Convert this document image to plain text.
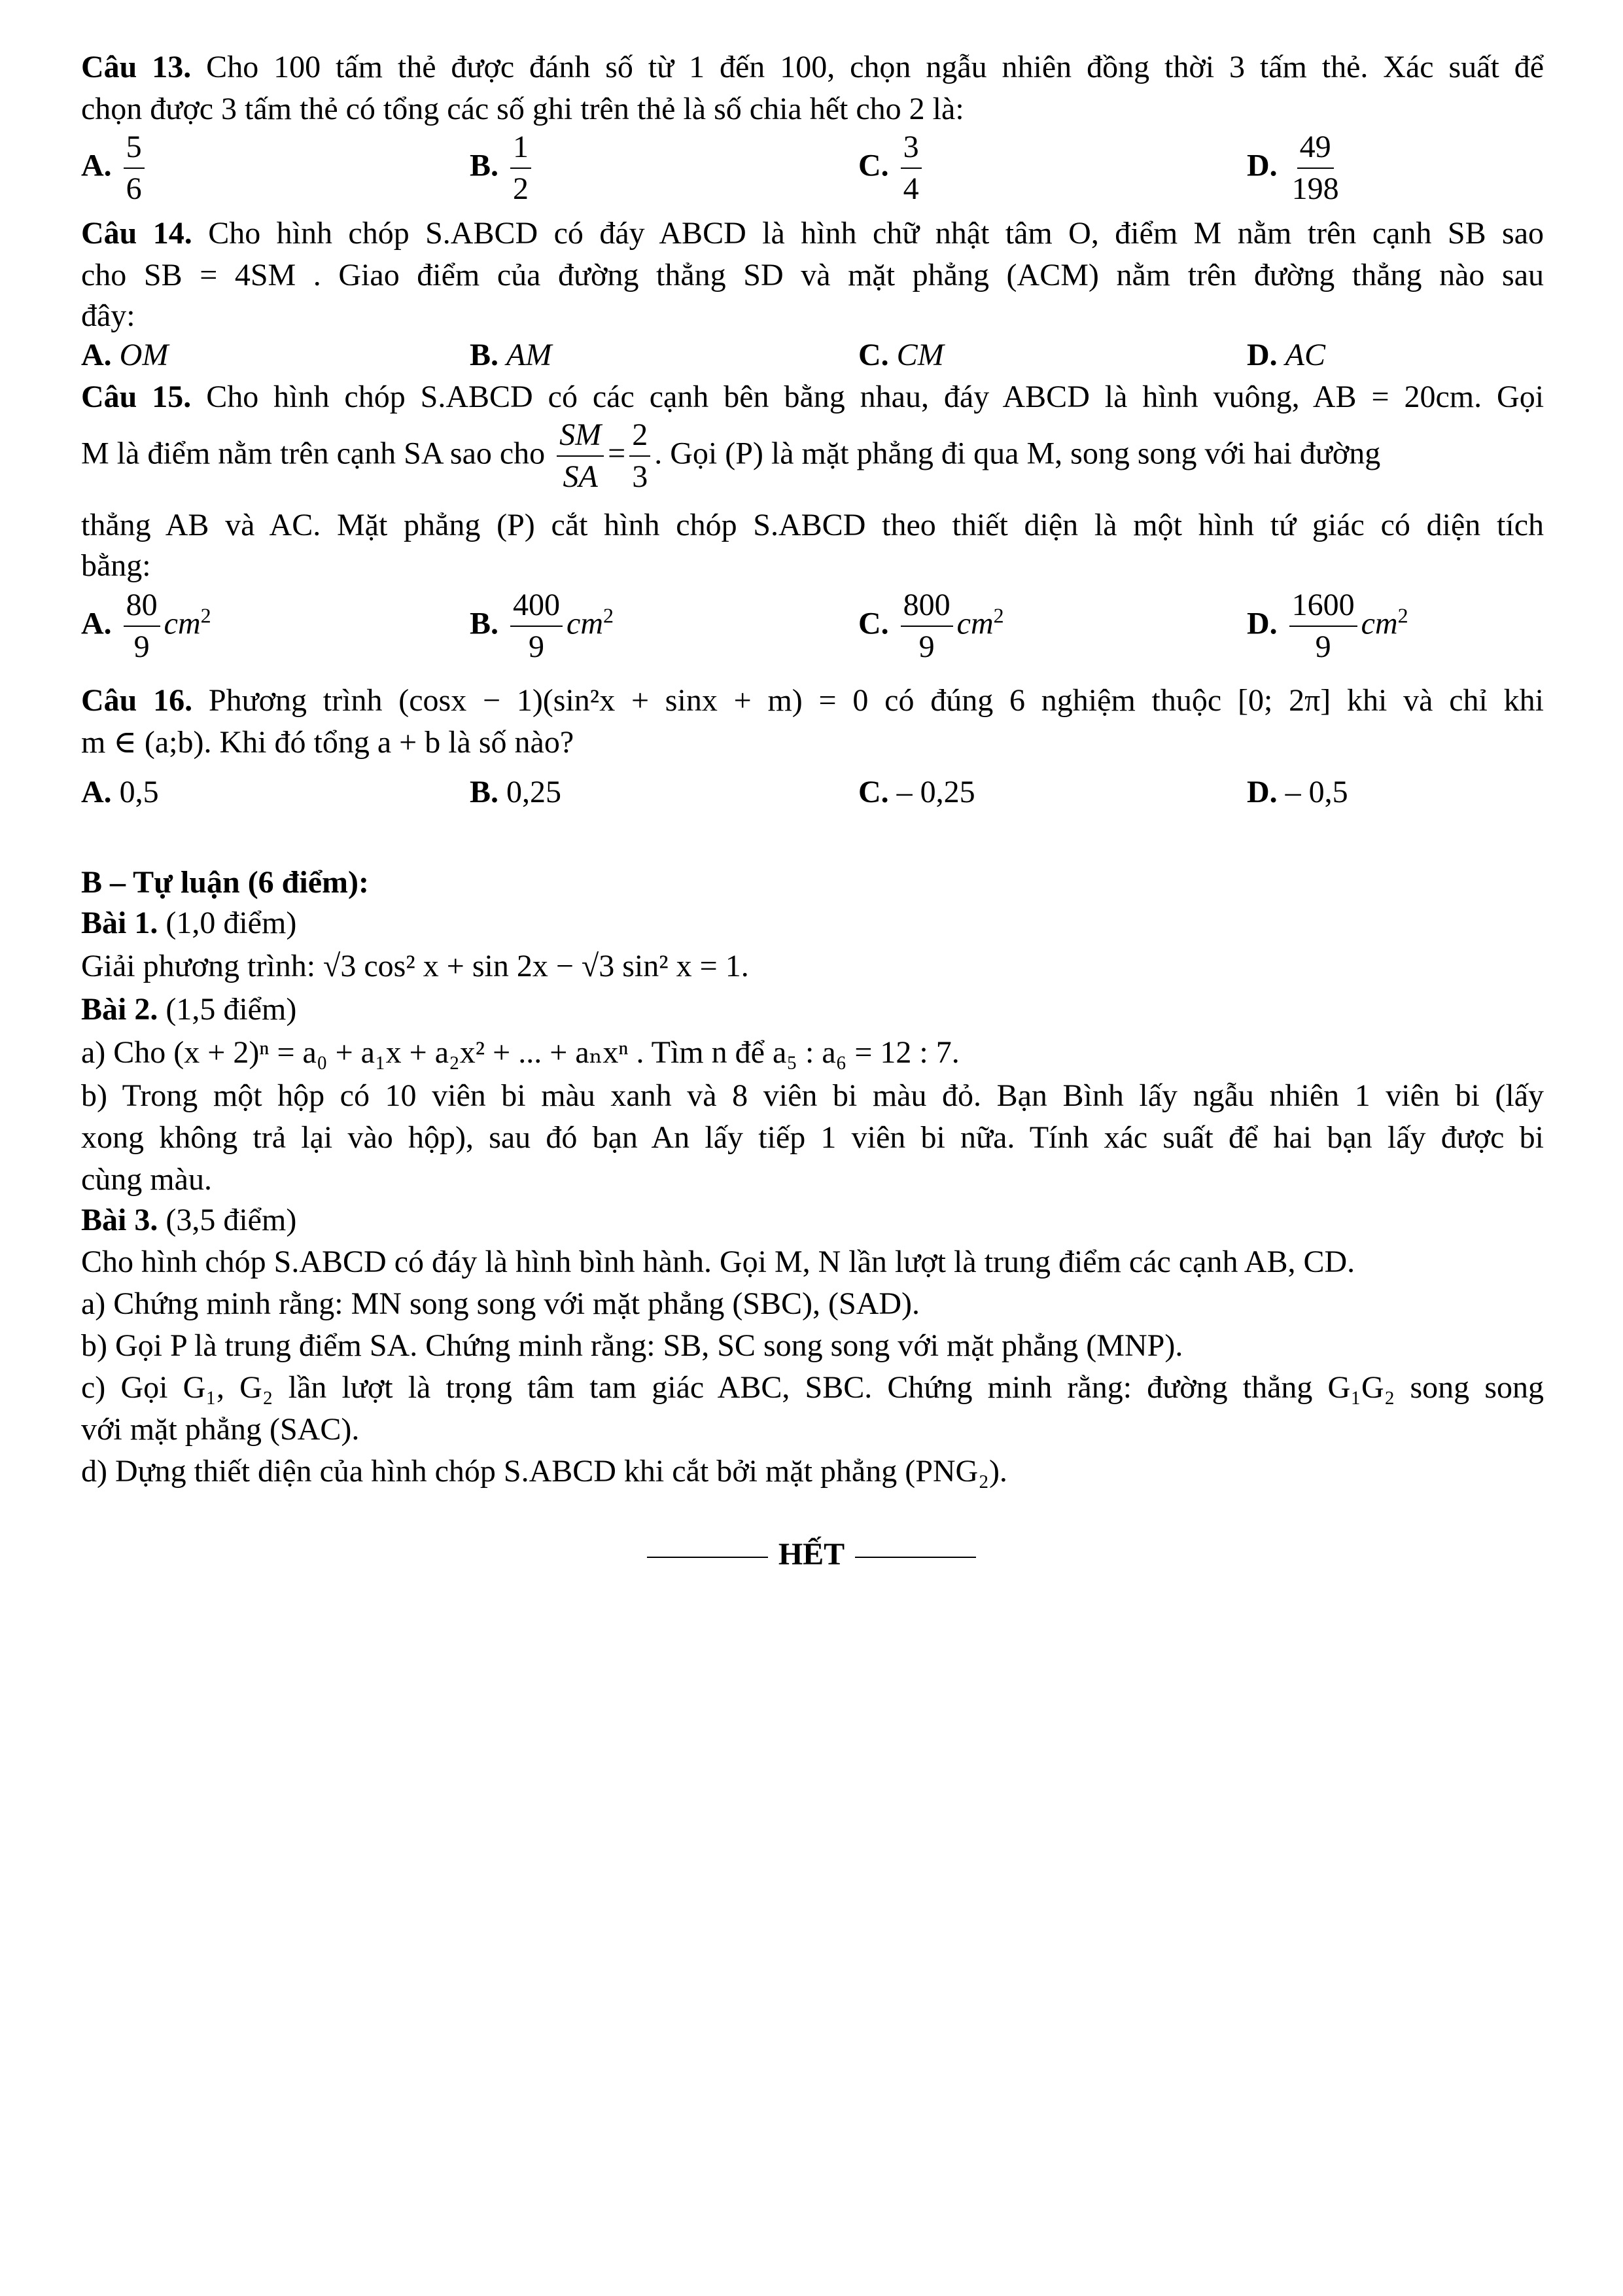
Câu 13. Cho 100 tấm thẻ được đánh số từ 1 đến 100, chọn ngẫu nhiên đồng thời 3 tấm thẻ. Xác suất để
chọn được 3 tấm thẻ có tổng các số ghi trên thẻ là số chia hết cho 2 là:
A. $\frac{5}{6}$	B. $\frac{1}{2}$	C. $\frac{3}{4}$	D. $\frac{49}{198}$
Câu 14. Cho hình chóp S.ABCD có đáy ABCD là hình chữ nhật tâm O, điểm M nằm trên cạnh SB sao
cho SB = 4SM . Giao điểm của đường thẳng SD và mặt phẳng (ACM) nằm trên đường thẳng nào sau
đây:
A. OM	B. AM	C. CM	D. AC
Câu 15. Cho hình chóp S.ABCD có các cạnh bên bằng nhau, đáy ABCD là hình vuông, AB = 20cm. Gọi
M là điểm nằm trên cạnh SA sao cho $\frac{SM}{SA} = \frac{2}{3}$ . Gọi (P) là mặt phẳng đi qua M, song song với hai đường
thẳng AB và AC. Mặt phẳng (P) cắt hình chóp S.ABCD theo thiết diện là một hình tứ giác có diện tích
bằng:
A. $\frac{80}{9} cm^2$	B. $\frac{400}{9} cm^2$	C. $\frac{800}{9} cm^2$	D. $\frac{1600}{9} cm^2$
Câu 16. Phương trình (cosx − 1)(sin²x + sinx + m) = 0 có đúng 6 nghiệm thuộc [0; 2π] khi và chỉ khi
m ∈ (a;b). Khi đó tổng a + b là số nào?
A. 0,5	B. 0,25	C. – 0,25	D. – 0,5
B – Tự luận (6 điểm):
Bài 1. (1,0 điểm)
Giải phương trình: √3 cos² x + sin 2x − √3 sin² x = 1.
Bài 2. (1,5 điểm)
a) Cho (x + 2)ⁿ = a₀ + a₁x + a₂x² + ... + aₙxⁿ . Tìm n để a₅ : a₆ = 12 : 7.
b) Trong một hộp có 10 viên bi màu xanh và 8 viên bi màu đỏ. Bạn Bình lấy ngẫu nhiên 1 viên bi (lấy
xong không trả lại vào hộp), sau đó bạn An lấy tiếp 1 viên bi nữa. Tính xác suất để hai bạn lấy được bi
cùng màu.
Bài 3. (3,5 điểm)
Cho hình chóp S.ABCD có đáy là hình bình hành. Gọi M, N lần lượt là trung điểm các cạnh AB, CD.
a) Chứng minh rằng: MN song song với mặt phẳng (SBC), (SAD).
b) Gọi P là trung điểm SA. Chứng minh rằng: SB, SC song song với mặt phẳng (MNP).
c) Gọi G₁, G₂ lần lượt là trọng tâm tam giác ABC, SBC. Chứng minh rằng: đường thẳng G₁G₂ song song
với mặt phẳng (SAC).
d) Dựng thiết diện của hình chóp S.ABCD khi cắt bởi mặt phẳng (PNG₂).
HẾT
